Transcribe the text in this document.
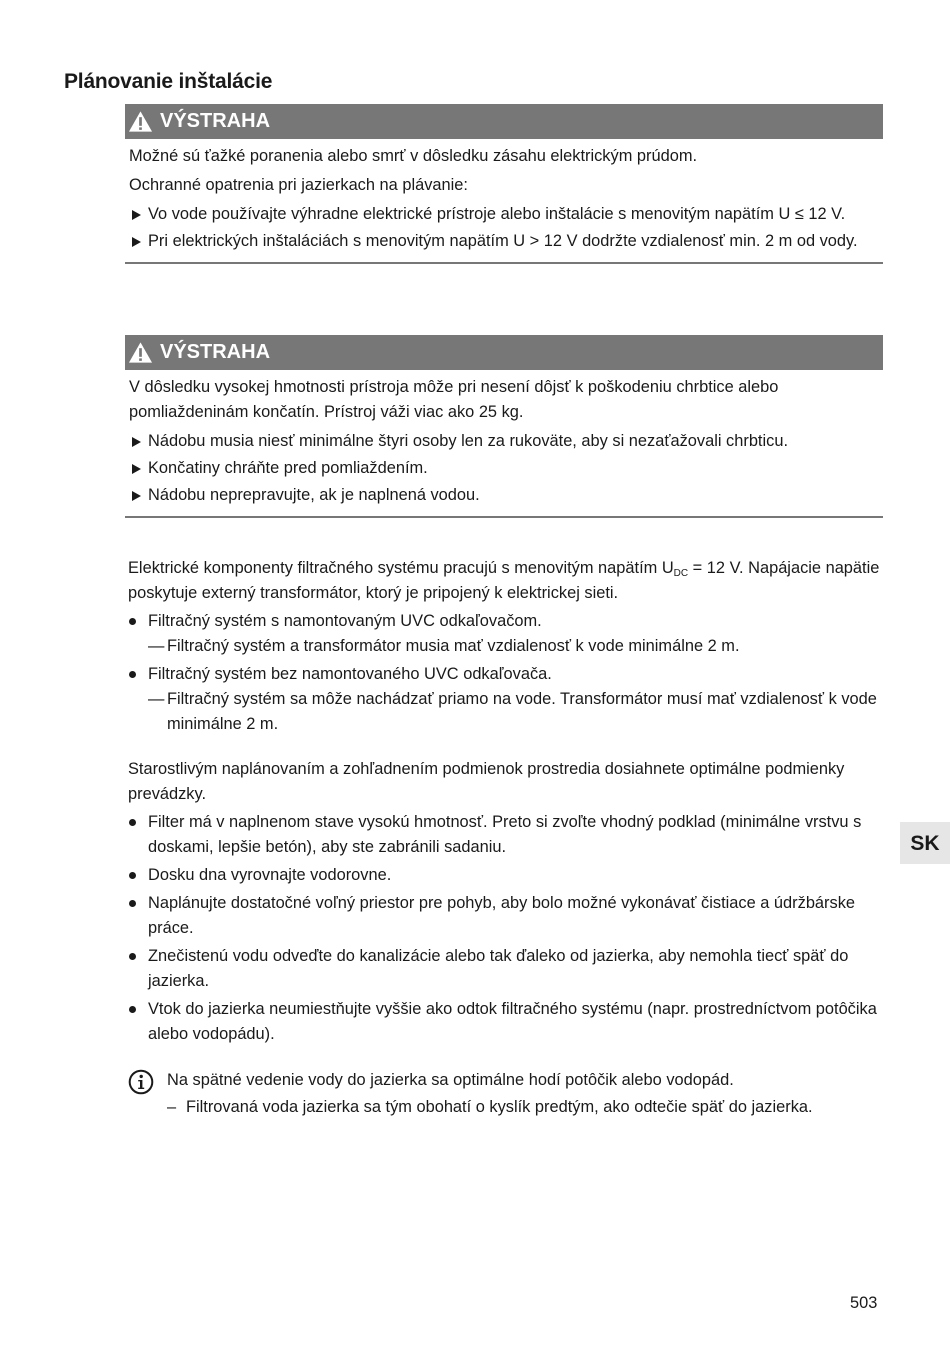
Plánovanie inštalácie
VÝSTRAHA

Možné sú ťažké poranenia alebo smrť v dôsledku zásahu elektrickým prúdom.

Ochranné opatrenia pri jazierkach na plávanie:

Vo vode používajte výhradne elektrické prístroje alebo inštalácie s menovitým napätím U ≤ 12 V.
Pri elektrických inštaláciách s menovitým napätím U > 12 V dodržte vzdialenosť min. 2 m od vody.
VÝSTRAHA

V dôsledku vysokej hmotnosti prístroja môže pri nesení dôjsť k poškodeniu chrbtice alebo pomliaždeninám končatín. Prístroj váži viac ako 25 kg.

Nádobu musia niesť minimálne štyri osoby len za rukoväte, aby si nezaťažovali chrbticu.
Končatiny chráňte pred pomliaždením.
Nádobu neprepravujte, ak je naplnená vodou.

Elektrické komponenty filtračného systému pracujú s menovitým napätím $U_{DC} = 12$ V. Napájacie napätie poskytuje externý transformátor, ktorý je pripojený k elektrickej sieti.

Filtračný systém s namontovaným UVC odkaľovačom.
— Filtračný systém a transformátor musia mať vzdialenosť k vode minimálne 2 m.
Filtračný systém bez namontovaného UVC odkaľovača.
— Filtračný systém sa môže nachádzať priamo na vode. Transformátor musí mať vzdialenosť k vode minimálne 2 m.

Starostlivým naplánovaním a zohľadnením podmienok prostredia dosiahnete optimálne podmienky prevádzky.

Filter má v naplnenom stave vysokú hmotnosť. Preto si zvoľte vhodný podklad (minimálne vrstvu s doskami, lepšie betón), aby ste zabránili sadaniu.
Dosku dna vyrovnajte vodorovne.
Naplánujte dostatočné voľný priestor pre pohyb, aby bolo možné vykonávať čistiace a údržbárske práce.
Znečistenú vodu odveďte do kanalizácie alebo tak ďaleko od jazierka, aby nemohla tiecť späť do jazierka.
Vtok do jazierka neumiestňujte vyššie ako odtok filtračného systému (napr. prostredníctvom potôčika alebo vodopádu).
Na spätné vedenie vody do jazierka sa optimálne hodí potôčik alebo vodopád.
– Filtrovaná voda jazierka sa tým obohatí o kyslík predtým, ako odtečie späť do jazierka.
SK
503
